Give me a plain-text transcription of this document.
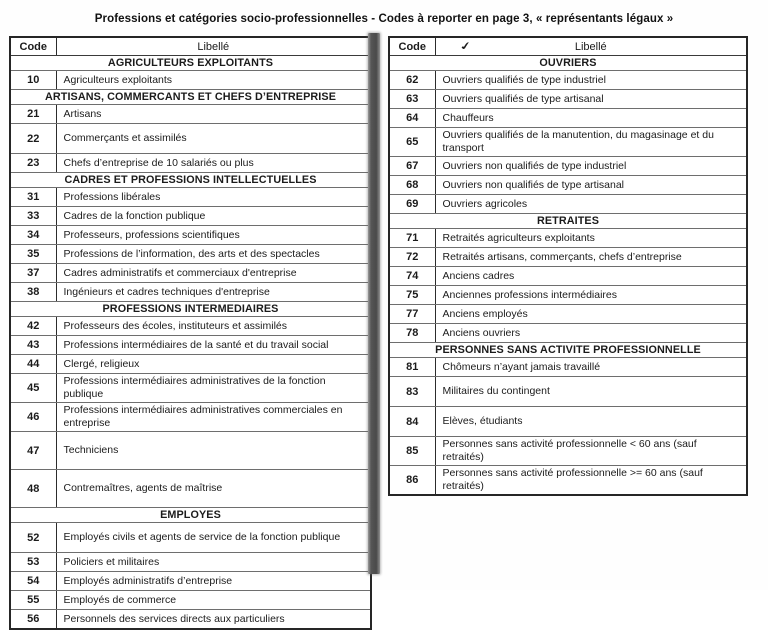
Professions et catégories socio-professionnelles - Codes à reporter en page 3, « représentants légaux »
Code	Libellé
AGRICULTEURS EXPLOITANTS	
10	Agriculteurs exploitants
ARTISANS, COMMERCANTS ET CHEFS D’ENTREPRISE	
21	Artisans
22	Commerçants et assimilés
23	Chefs d’entreprise de 10 salariés ou plus
CADRES ET PROFESSIONS INTELLECTUELLES	
31	Professions libérales
33	Cadres de la fonction publique
34	Professeurs, professions scientifiques
35	Professions de l’information, des arts et des spectacles
37	Cadres administratifs et commerciaux d'entreprise
38	Ingénieurs et cadres techniques d'entreprise
PROFESSIONS INTERMEDIAIRES	
42	Professeurs des écoles, instituteurs et assimilés
43	Professions intermédiaires de la santé et du travail social
44	Clergé, religieux
45	Professions intermédiaires administratives de la fonction publique
46	Professions intermédiaires administratives commerciales en entreprise
47	Techniciens
48	Contremaîtres, agents de maîtrise
EMPLOYES	
52	Employés civils et agents de service de la fonction publique
53	Policiers et militaires
54	Employés administratifs d’entreprise
55	Employés de commerce
56	Personnels des services directs aux particuliers
Code	✔ Libellé
OUVRIERS	
62	Ouvriers qualifiés de type industriel
63	Ouvriers qualifiés de type artisanal
64	Chauffeurs
65	Ouvriers qualifiés de la manutention, du magasinage et du transport
67	Ouvriers non qualifiés de type industriel
68	Ouvriers non qualifiés de type artisanal
69	Ouvriers agricoles
RETRAITES	
71	Retraités agriculteurs exploitants
72	Retraités artisans, commerçants, chefs d’entreprise
74	Anciens cadres
75	Anciennes professions intermédiaires
77	Anciens employés
78	Anciens ouvriers
PERSONNES SANS ACTIVITE PROFESSIONNELLE	
81	Chômeurs n’ayant jamais travaillé
83	Militaires du contingent
84	Elèves, étudiants
85	Personnes sans activité professionnelle < 60 ans (sauf retraités)
86	Personnes sans activité professionnelle >= 60 ans (sauf retraités)
